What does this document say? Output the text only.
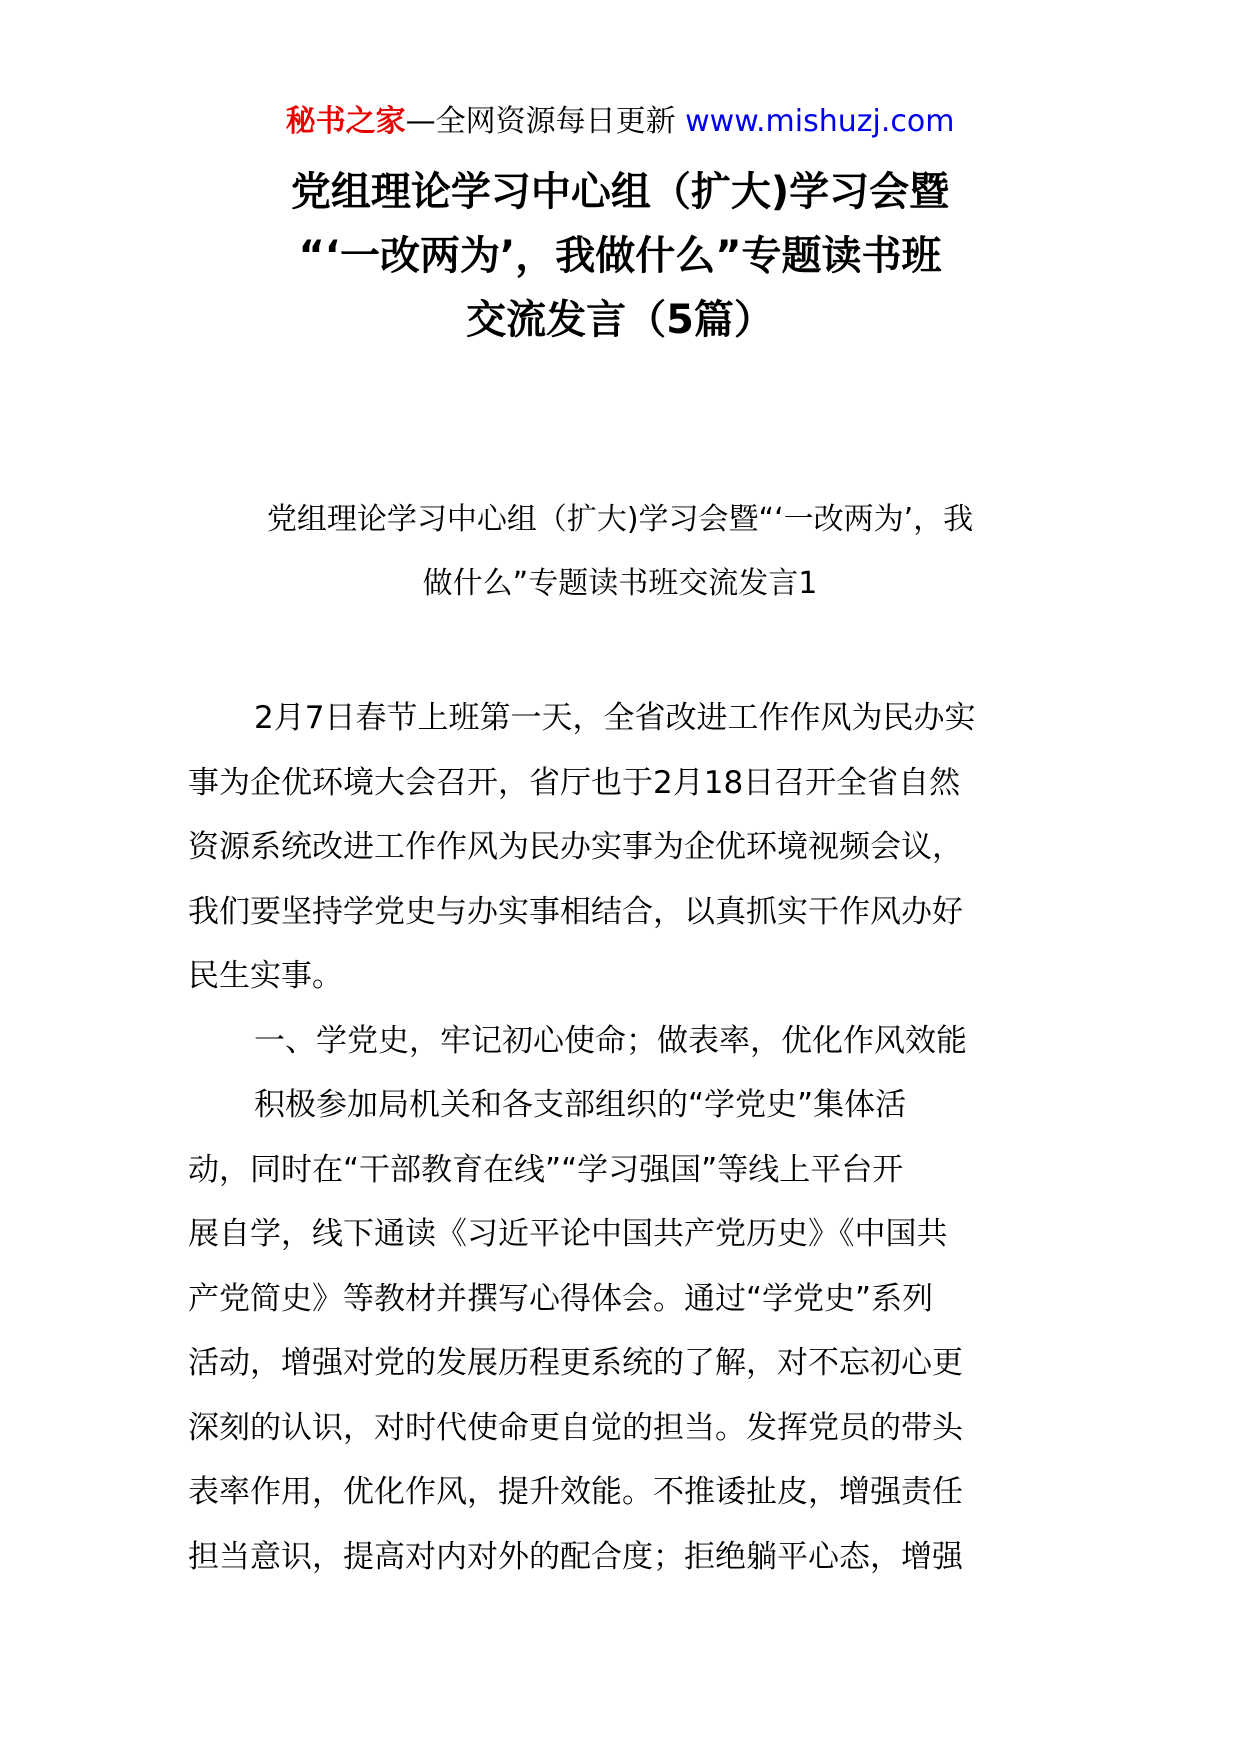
秘书之家—全网资源每日更新 www.mishuzj.com
党组理论学习中心组（扩大)学习会暨
“‘一改两为’，我做什么”专题读书班
交流发言（5篇）
党组理论学习中心组（扩大)学习会暨“‘一改两为’，我
做什么”专题读书班交流发言1
2月7日春节上班第一天，全省改进工作作风为民办实
事为企优环境大会召开，省厅也于2月18日召开全省自然
资源系统改进工作作风为民办实事为企优环境视频会议，
我们要坚持学党史与办实事相结合，以真抓实干作风办好
民生实事。
一、学党史，牢记初心使命；做表率，优化作风效能
积极参加局机关和各支部组织的“学党史”集体活
动，同时在“干部教育在线”“学习强国”等线上平台开
展自学，线下通读《习近平论中国共产党历史》《中国共
产党简史》等教材并撰写心得体会。通过“学党史”系列
活动，增强对党的发展历程更系统的了解，对不忘初心更
深刻的认识，对时代使命更自觉的担当。发挥党员的带头
表率作用，优化作风，提升效能。不推诿扯皮，增强责任
担当意识，提高对内对外的配合度；拒绝躺平心态，增强
